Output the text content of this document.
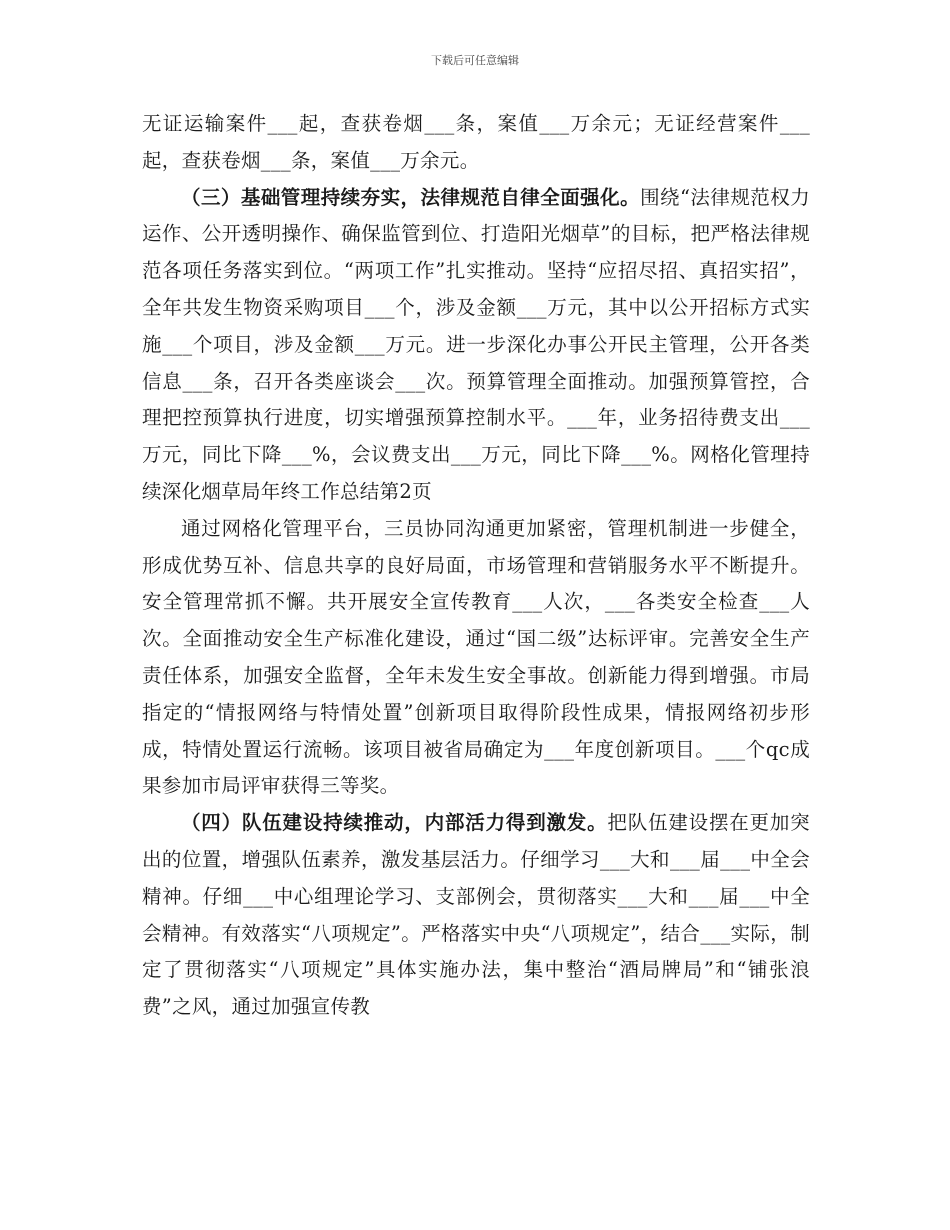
下载后可任意编辑

无证运输案件___起，查获卷烟___条，案值___万余元；无证经营案件___起，查获卷烟___条，案值___万余元。

（三）基础管理持续夯实，法律规范自律全面强化。围绕“法律规范权力运作、公开透明操作、确保监管到位、打造阳光烟草”的目标，把严格法律规范各项任务落实到位。“两项工作”扎实推动。坚持“应招尽招、真招实招”，全年共发生物资采购项目___个，涉及金额___万元，其中以公开招标方式实施___个项目，涉及金额___万元。进一步深化办事公开民主管理，公开各类信息___条，召开各类座谈会___次。预算管理全面推动。加强预算管控，合理把控预算执行进度，切实增强预算控制水平。___年，业务招待费支出___万元，同比下降___%，会议费支出___万元，同比下降___%。网格化管理持续深化烟草局年终工作总结第2页

通过网格化管理平台，三员协同沟通更加紧密，管理机制进一步健全，形成优势互补、信息共享的良好局面，市场管理和营销服务水平不断提升。安全管理常抓不懈。共开展安全宣传教育___人次，___各类安全检查___人次。全面推动安全生产标准化建设，通过“国二级”达标评审。完善安全生产责任体系，加强安全监督，全年未发生安全事故。创新能力得到增强。市局指定的“情报网络与特情处置”创新项目取得阶段性成果，情报网络初步形成，特情处置运行流畅。该项目被省局确定为___年度创新项目。___个qc成果参加市局评审获得三等奖。

（四）队伍建设持续推动，内部活力得到激发。把队伍建设摆在更加突出的位置，增强队伍素养，激发基层活力。仔细学习___大和___届___中全会精神。仔细___中心组理论学习、支部例会，贯彻落实___大和___届___中全会精神。有效落实“八项规定”。严格落实中央“八项规定”，结合___实际，制定了贯彻落实“八项规定”具体实施办法，集中整治“酒局牌局”和“铺张浪费”之风，通过加强宣传教
